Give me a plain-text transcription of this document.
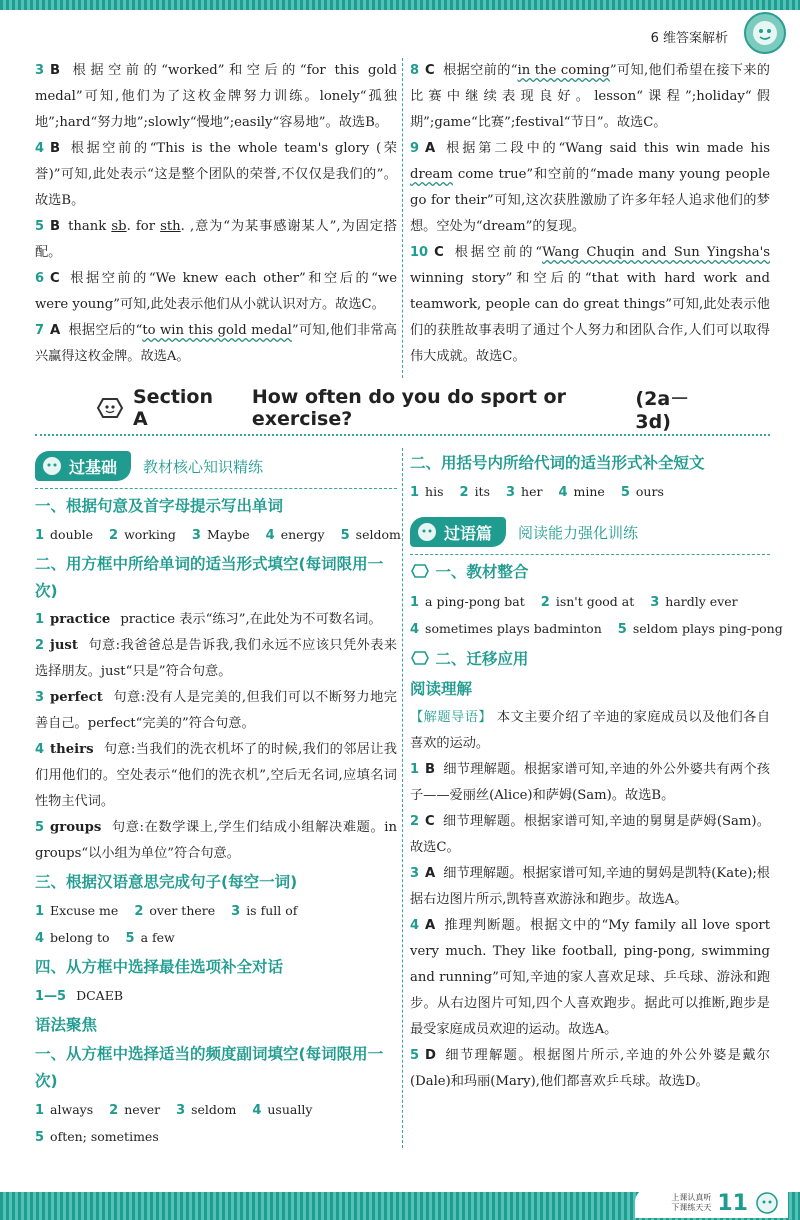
6 维答案解析

3 B 根据空前的“worked”和空后的“for this gold medal”可知,他们为了这枚金牌努力训练。lonely“孤独地”;hard“努力地”;slowly“慢地”;easily“容易地”。故选B。

4 B 根据空前的“This is the whole team's glory (荣誉)”可知,此处表示“这是整个团队的荣誉,不仅仅是我们的”。故选B。

5 B thank sb. for sth. ,意为“为某事感谢某人”,为固定搭配。

6 C 根据空前的“We knew each other”和空后的“we were young”可知,此处表示他们从小就认识对方。故选C。

7 A 根据空后的“to win this gold medal”可知,他们非常高兴赢得这枚金牌。故选A。

8 C 根据空前的“in the coming”可知,他们希望在接下来的比赛中继续表现良好。lesson“课程”;holiday“假期”;game“比赛”;festival“节日”。故选C。

9 A 根据第二段中的“Wang said this win made his dream come true”和空前的“made many young people go for their”可知,这次获胜激励了许多年轻人追求他们的梦想。空处为“dream”的复现。

10 C 根据空前的“Wang Chuqin and Sun Yingsha's winning story”和空后的“that with hard work and teamwork, people can do great things”可知,此处表示他们的获胜故事表明了通过个人努力和团队合作,人们可以取得伟大成就。故选C。

Section A
How often do you do sport or exercise?
(2a－3d)
过基础 教材核心知识精练
一、根据句意及首字母提示写出单词

1 double 2 working 3 Maybe 4 energy 5 seldom

二、用方框中所给单词的适当形式填空(每词限用一次)

1 practice practice 表示“练习”,在此处为不可数名词。

2 just 句意:我爸爸总是告诉我,我们永远不应该只凭外表来选择朋友。just“只是”符合句意。

3 perfect 句意:没有人是完美的,但我们可以不断努力地完善自己。perfect“完美的”符合句意。

4 theirs 句意:当我们的洗衣机坏了的时候,我们的邻居让我们用他们的。空处表示“他们的洗衣机”,空后无名词,应填名词性物主代词。

5 groups 句意:在数学课上,学生们结成小组解决难题。in groups“以小组为单位”符合句意。

三、根据汉语意思完成句子(每空一词)

1 Excuse me 2 over there 3 is full of

4 belong to 5 a few

四、从方框中选择最佳选项补全对话

1—5 DCAEB

语法聚焦
一、从方框中选择适当的频度副词填空(每词限用一次)

1 always 2 never 3 seldom 4 usually

5 often; sometimes

二、用括号内所给代词的适当形式补全短文

1 his 2 its 3 her 4 mine 5 ours

过语篇 阅读能力强化训练
一、教材整合

1 a ping-pong bat 2 isn't good at 3 hardly ever

4 sometimes plays badminton 5 seldom plays ping-pong

二、迁移应用
阅读理解

【解题导语】 本文主要介绍了辛迪的家庭成员以及他们各自喜欢的运动。

1 B 细节理解题。根据家谱可知,辛迪的外公外婆共有两个孩子——爱丽丝(Alice)和萨姆(Sam)。故选B。

2 C 细节理解题。根据家谱可知,辛迪的舅舅是萨姆(Sam)。故选C。

3 A 细节理解题。根据家谱可知,辛迪的舅妈是凯特(Kate);根据右边图片所示,凯特喜欢游泳和跑步。故选A。

4 A 推理判断题。根据文中的“My family all love sport very much. They like football, ping-pong, swimming and running”可知,辛迪的家人喜欢足球、乒乓球、游泳和跑步。从右边图片可知,四个人喜欢跑步。据此可以推断,跑步是最受家庭成员欢迎的运动。故选A。

5 D 细节理解题。根据图片所示,辛迪的外公外婆是戴尔(Dale)和玛丽(Mary),他们都喜欢乒乓球。故选D。

上课认真听
下课练天天 11
